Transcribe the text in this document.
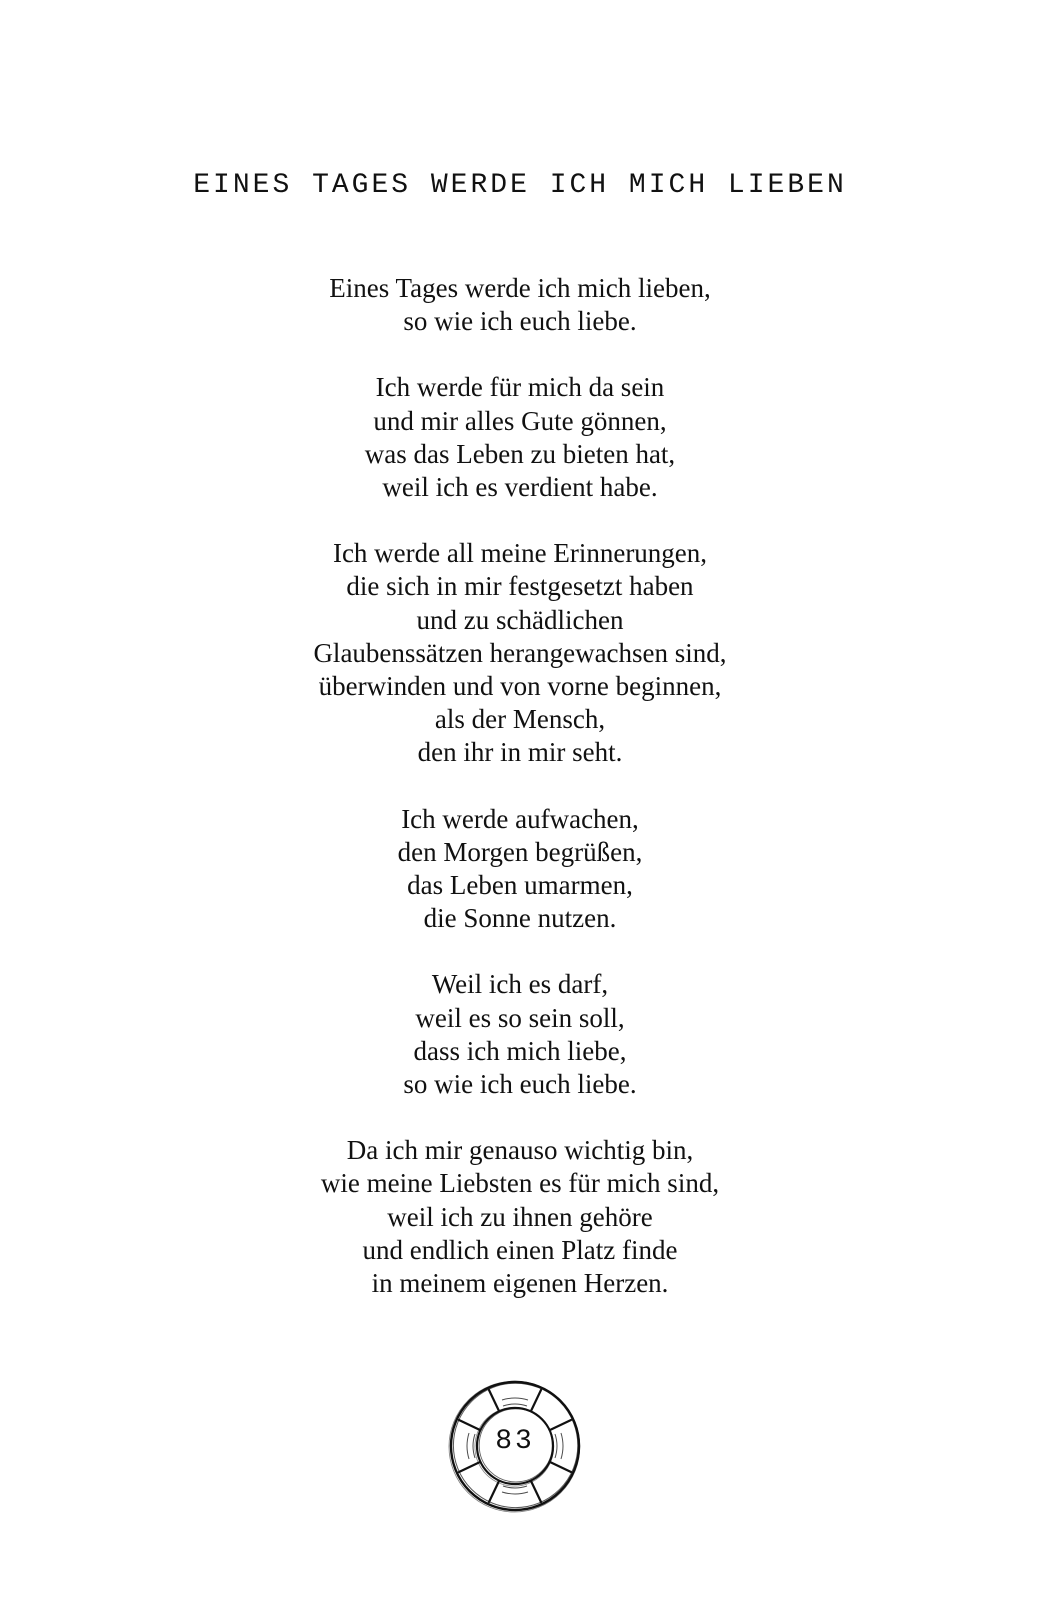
EINES TAGES WERDE ICH MICH LIEBEN
Eines Tages werde ich mich lieben,
so wie ich euch liebe.
Ich werde für mich da sein
und mir alles Gute gönnen,
was das Leben zu bieten hat,
weil ich es verdient habe.
Ich werde all meine Erinnerungen,
die sich in mir festgesetzt haben
und zu schädlichen
Glaubenssätzen herangewachsen sind,
überwinden und von vorne beginnen,
als der Mensch,
den ihr in mir seht.
Ich werde aufwachen,
den Morgen begrüßen,
das Leben umarmen,
die Sonne nutzen.
Weil ich es darf,
weil es so sein soll,
dass ich mich liebe,
so wie ich euch liebe.
Da ich mir genauso wichtig bin,
wie meine Liebsten es für mich sind,
weil ich zu ihnen gehöre
und endlich einen Platz finde
in meinem eigenen Herzen.
83
